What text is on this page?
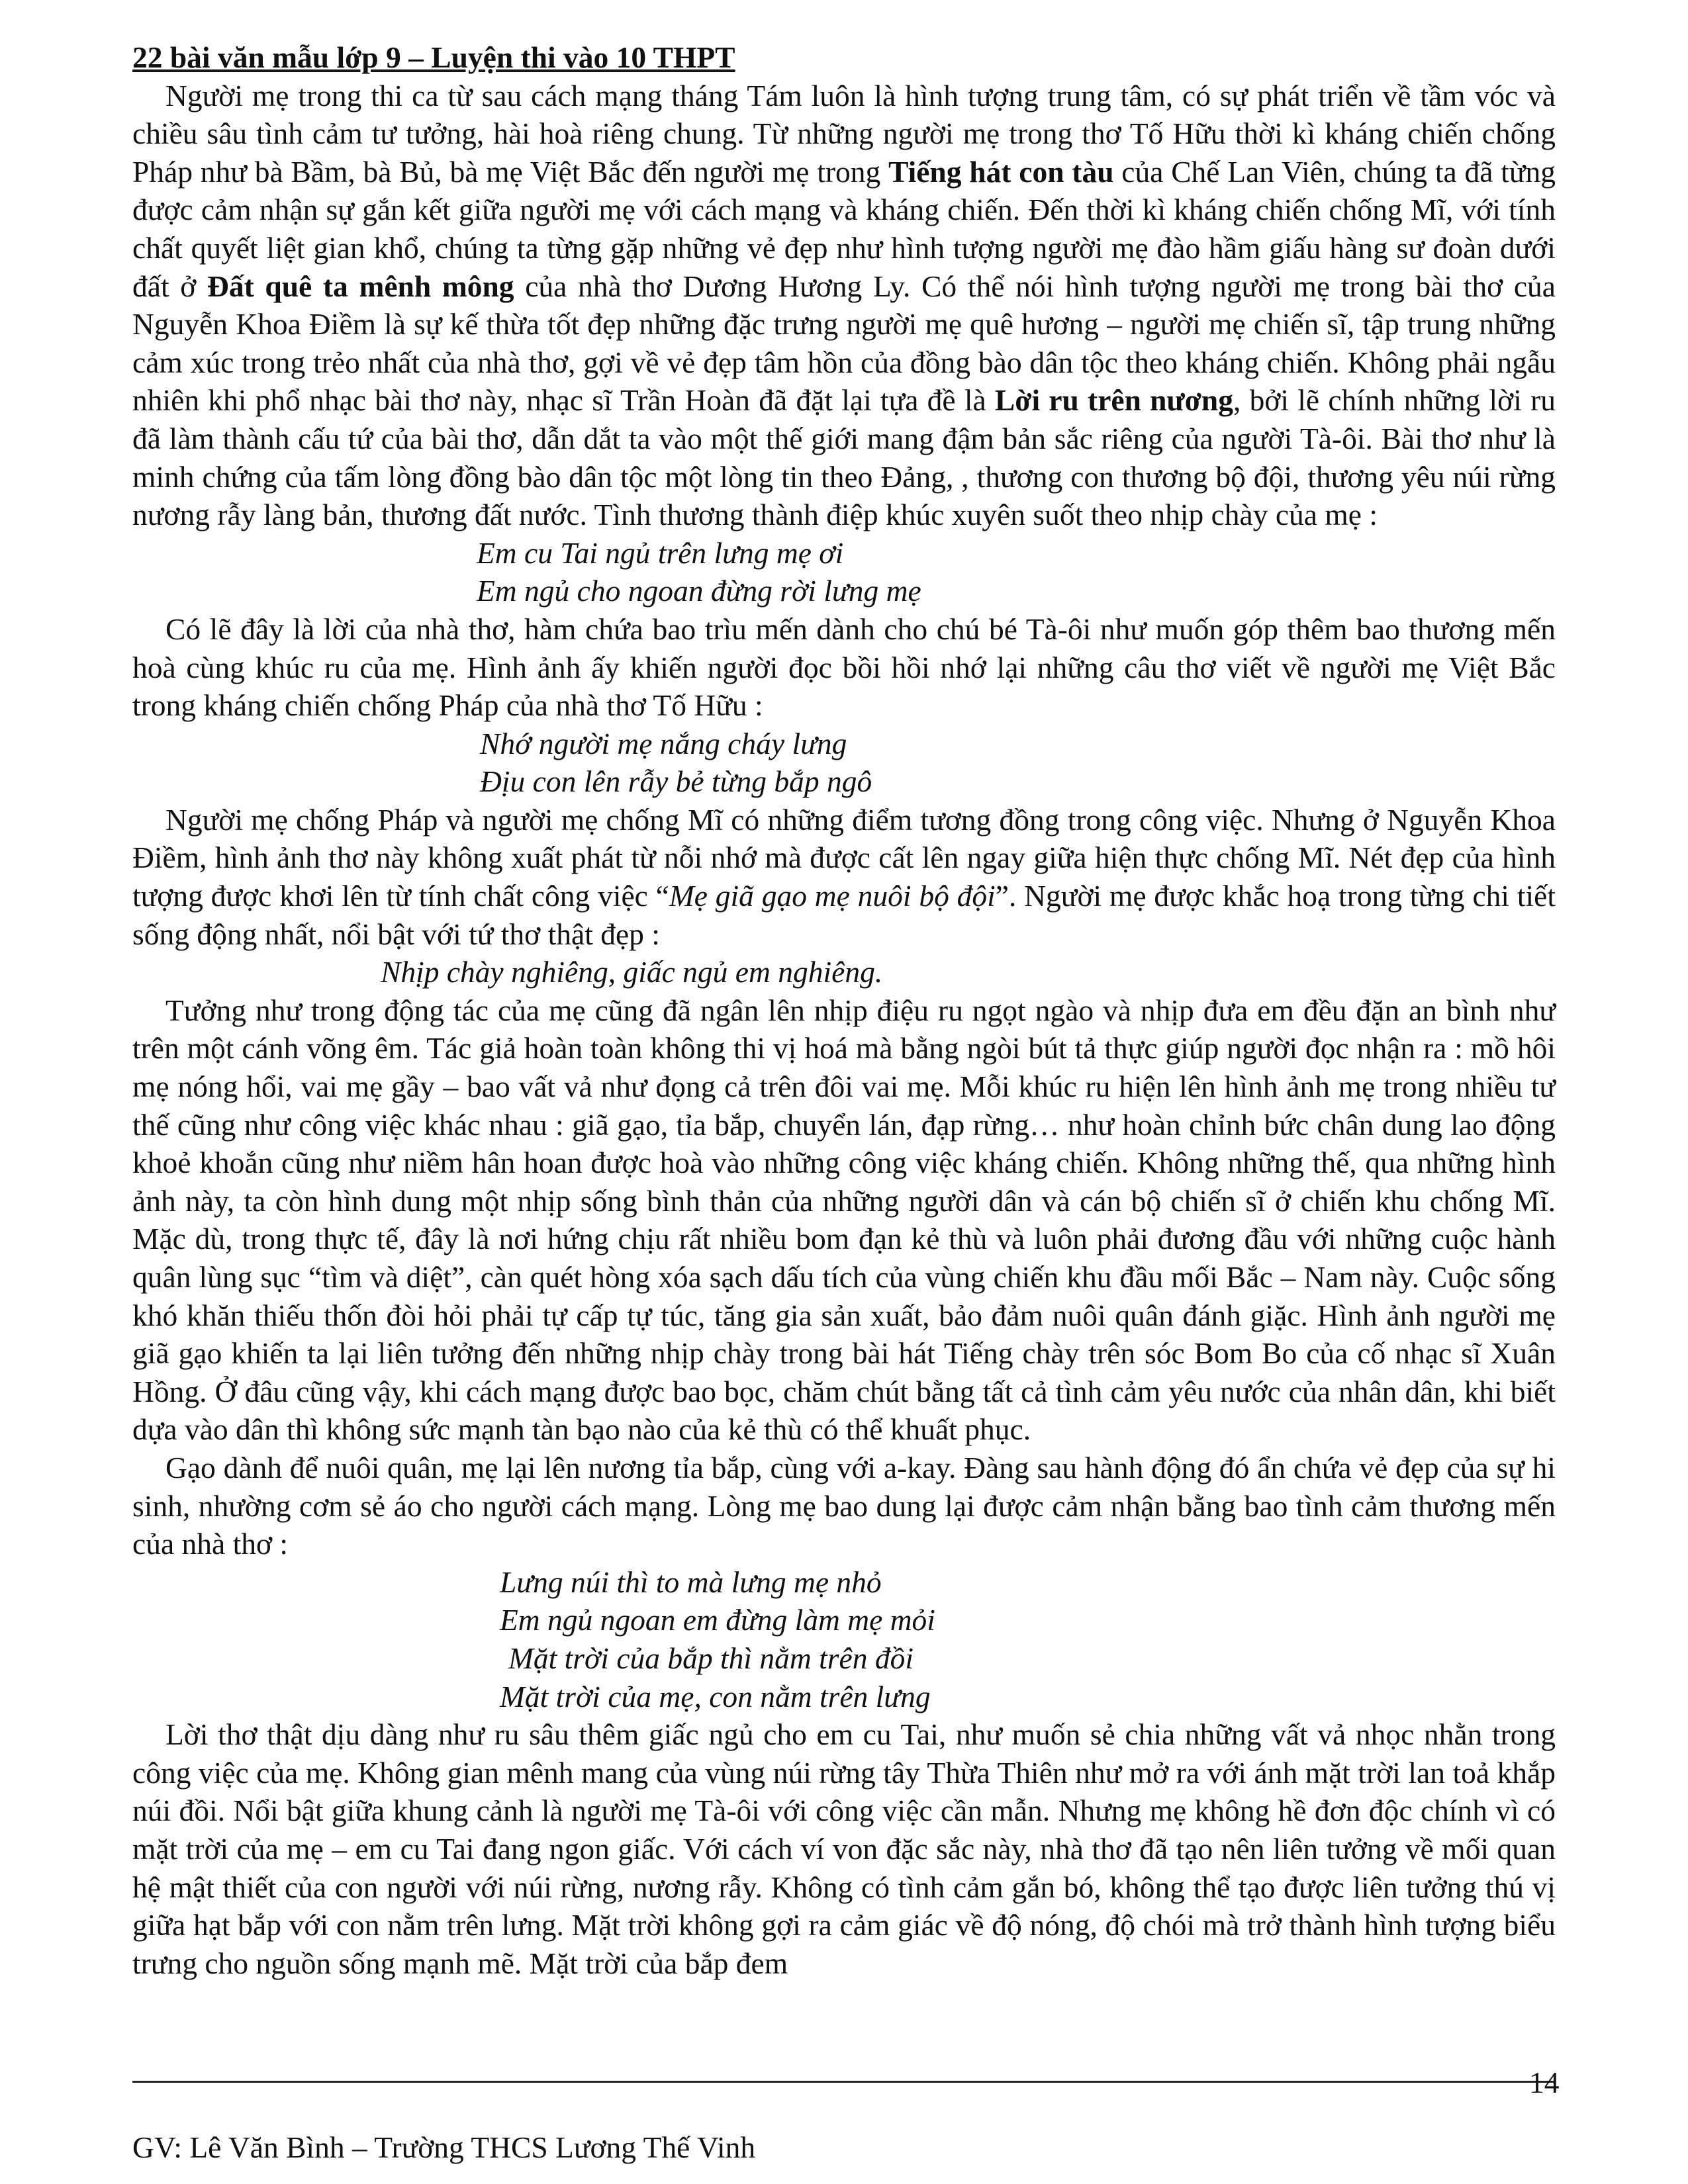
22 bài văn mẫu lớp 9 – Luyện thi vào 10 THPT

Người mẹ trong thi ca từ sau cách mạng tháng Tám luôn là hình tượng trung tâm, có sự phát triển về tầm vóc và chiều sâu tình cảm tư tưởng, hài hoà riêng chung. Từ những người mẹ trong thơ Tố Hữu thời kì kháng chiến chống Pháp như bà Bầm, bà Bủ, bà mẹ Việt Bắc đến người mẹ trong Tiếng hát con tàu của Chế Lan Viên, chúng ta đã từng được cảm nhận sự gắn kết giữa người mẹ với cách mạng và kháng chiến. Đến thời kì kháng chiến chống Mĩ, với tính chất quyết liệt gian khổ, chúng ta từng gặp những vẻ đẹp như hình tượng người mẹ đào hầm giấu hàng sư đoàn dưới đất ở Đất quê ta mênh mông của nhà thơ Dương Hương Ly. Có thể nói hình tượng người mẹ trong bài thơ của Nguyễn Khoa Điềm là sự kế thừa tốt đẹp những đặc trưng người mẹ quê hương – người mẹ chiến sĩ, tập trung những cảm xúc trong trẻo nhất của nhà thơ, gợi về vẻ đẹp tâm hồn của đồng bào dân tộc theo kháng chiến. Không phải ngẫu nhiên khi phổ nhạc bài thơ này, nhạc sĩ Trần Hoàn đã đặt lại tựa đề là Lời ru trên nương, bởi lẽ chính những lời ru đã làm thành cấu tứ của bài thơ, dẫn dắt ta vào một thế giới mang đậm bản sắc riêng của người Tà-ôi. Bài thơ như là minh chứng của tấm lòng đồng bào dân tộc một lòng tin theo Đảng, , thương con thương bộ đội, thương yêu núi rừng nương rẫy làng bản, thương đất nước. Tình thương thành điệp khúc xuyên suốt theo nhịp chày của mẹ :

Em cu Tai ngủ trên lưng mẹ ơi

Em ngủ cho ngoan đừng rời lưng mẹ

Có lẽ đây là lời của nhà thơ, hàm chứa bao trìu mến dành cho chú bé Tà-ôi như muốn góp thêm bao thương mến hoà cùng khúc ru của mẹ. Hình ảnh ấy khiến người đọc bồi hồi nhớ lại những câu thơ viết về người mẹ Việt Bắc trong kháng chiến chống Pháp của nhà thơ Tố Hữu :

Nhớ người mẹ nắng cháy lưng

Địu con lên rẫy bẻ từng bắp ngô

Người mẹ chống Pháp và người mẹ chống Mĩ có những điểm tương đồng trong công việc. Nhưng ở Nguyễn Khoa Điềm, hình ảnh thơ này không xuất phát từ nỗi nhớ mà được cất lên ngay giữa hiện thực chống Mĩ. Nét đẹp của hình tượng được khơi lên từ tính chất công việc “Mẹ giã gạo mẹ nuôi bộ đội”. Người mẹ được khắc hoạ trong từng chi tiết sống động nhất, nổi bật với tứ thơ thật đẹp :

Nhịp chày nghiêng, giấc ngủ em nghiêng.

Tưởng như trong động tác của mẹ cũng đã ngân lên nhịp điệu ru ngọt ngào và nhịp đưa em đều đặn an bình như trên một cánh võng êm. Tác giả hoàn toàn không thi vị hoá mà bằng ngòi bút tả thực giúp người đọc nhận ra : mồ hôi mẹ nóng hổi, vai mẹ gầy – bao vất vả như đọng cả trên đôi vai mẹ. Mỗi khúc ru hiện lên hình ảnh mẹ trong nhiều tư thế cũng như công việc khác nhau : giã gạo, tỉa bắp, chuyển lán, đạp rừng… như hoàn chỉnh bức chân dung lao động khoẻ khoắn cũng như niềm hân hoan được hoà vào những công việc kháng chiến. Không những thế, qua những hình ảnh này, ta còn hình dung một nhịp sống bình thản của những người dân và cán bộ chiến sĩ ở chiến khu chống Mĩ. Mặc dù, trong thực tế, đây là nơi hứng chịu rất nhiều bom đạn kẻ thù và luôn phải đương đầu với những cuộc hành quân lùng sục “tìm và diệt”, càn quét hòng xóa sạch dấu tích của vùng chiến khu đầu mối Bắc – Nam này. Cuộc sống khó khăn thiếu thốn đòi hỏi phải tự cấp tự túc, tăng gia sản xuất, bảo đảm nuôi quân đánh giặc. Hình ảnh người mẹ giã gạo khiến ta lại liên tưởng đến những nhịp chày trong bài hát Tiếng chày trên sóc Bom Bo của cố nhạc sĩ Xuân Hồng. Ở đâu cũng vậy, khi cách mạng được bao bọc, chăm chút bằng tất cả tình cảm yêu nước của nhân dân, khi biết dựa vào dân thì không sức mạnh tàn bạo nào của kẻ thù có thể khuất phục.

Gạo dành để nuôi quân, mẹ lại lên nương tỉa bắp, cùng với a-kay. Đàng sau hành động đó ẩn chứa vẻ đẹp của sự hi sinh, nhường cơm sẻ áo cho người cách mạng. Lòng mẹ bao dung lại được cảm nhận bằng bao tình cảm thương mến của nhà thơ :

Lưng núi thì to mà lưng mẹ nhỏ

Em ngủ ngoan em đừng làm mẹ mỏi

Mặt trời của bắp thì nằm trên đồi

Mặt trời của mẹ, con nằm trên lưng

Lời thơ thật dịu dàng như ru sâu thêm giấc ngủ cho em cu Tai, như muốn sẻ chia những vất vả nhọc nhằn trong công việc của mẹ. Không gian mênh mang của vùng núi rừng tây Thừa Thiên như mở ra với ánh mặt trời lan toả khắp núi đồi. Nổi bật giữa khung cảnh là người mẹ Tà-ôi với công việc cần mẫn. Nhưng mẹ không hề đơn độc chính vì có mặt trời của mẹ – em cu Tai đang ngon giấc. Với cách ví von đặc sắc này, nhà thơ đã tạo nên liên tưởng về mối quan hệ mật thiết của con người với núi rừng, nương rẫy. Không có tình cảm gắn bó, không thể tạo được liên tưởng thú vị giữa hạt bắp với con nằm trên lưng. Mặt trời không gợi ra cảm giác về độ nóng, độ chói mà trở thành hình tượng biểu trưng cho nguồn sống mạnh mẽ. Mặt trời của bắp đem

14
GV: Lê Văn Bình – Trường THCS Lương Thế Vinh
